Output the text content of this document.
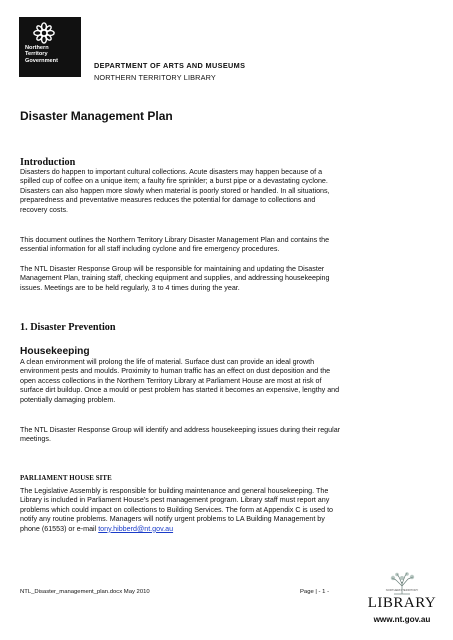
Northern
Territory
Government
DEPARTMENT OF ARTS AND MUSEUMS
NORTHERN TERRITORY LIBRARY
Disaster Management Plan
Introduction

Disasters do happen to important cultural collections. Acute disasters may happen because of a
spilled cup of coffee on a unique item; a faulty fire sprinkler; a burst pipe or a devastating cyclone.
Disasters can also happen more slowly when material is poorly stored or handled. In all situations,
preparedness and preventative measures reduces the potential for damage to collections and
recovery costs.

This document outlines the Northern Territory Library Disaster Management Plan and contains the
essential information for all staff including cyclone and fire emergency procedures.

The NTL Disaster Response Group will be responsible for maintaining and updating the Disaster
Management Plan, training staff, checking equipment and supplies, and addressing housekeeping
issues. Meetings are to be held regularly, 3 to 4 times during the year.

1. Disaster Prevention
Housekeeping

A clean environment will prolong the life of material. Surface dust can provide an ideal growth
environment pests and moulds. Proximity to human traffic has an effect on dust deposition and the
open access collections in the Northern Territory Library at Parliament House are most at risk of
surface dirt buildup. Once a mould or pest problem has started it becomes an expensive, lengthy and
potentially damaging problem.

The NTL Disaster Response Group will identify and address housekeeping issues during their regular
meetings.

PARLIAMENT HOUSE SITE

The Legislative Assembly is responsible for building maintenance and general housekeeping. The
Library is included in Parliament House’s pest management program. Library staff must report any
problems which could impact on collections to Building Services. The form at Appendix C is used to
notify any routine problems. Managers will notify urgent problems to LA Building Management by
phone (61553) or e-mail tony.hibberd@nt.gov.au

NTL_Disaster_management_plan.docx May 2010	Page | - 1 -	NORTHERN TERRITORY
LIBRARY
www.nt.gov.au
